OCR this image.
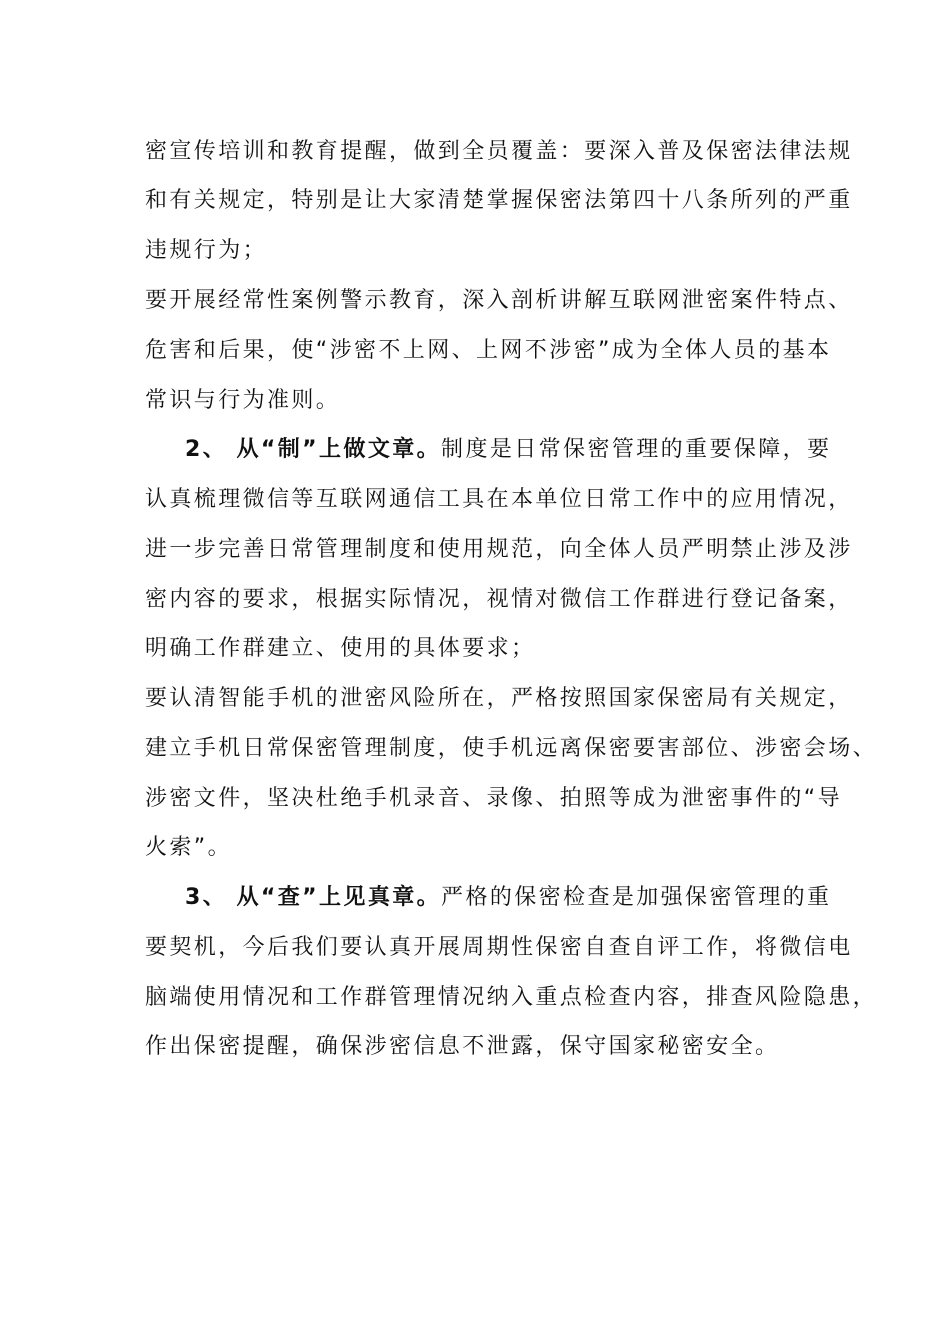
密宣传培训和教育提醒，做到全员覆盖：要深入普及保密法律法规

和有关规定，特别是让大家清楚掌握保密法第四十八条所列的严重

违规行为；

要开展经常性案例警示教育，深入剖析讲解互联网泄密案件特点、

危害和后果，使“涉密不上网、上网不涉密”成为全体人员的基本

常识与行为准则。

2、 从“制”上做文章。制度是日常保密管理的重要保障，要

认真梳理微信等互联网通信工具在本单位日常工作中的应用情况，

进一步完善日常管理制度和使用规范，向全体人员严明禁止涉及涉

密内容的要求，根据实际情况，视情对微信工作群进行登记备案，

明确工作群建立、使用的具体要求；

要认清智能手机的泄密风险所在，严格按照国家保密局有关规定，

建立手机日常保密管理制度，使手机远离保密要害部位、涉密会场、

涉密文件，坚决杜绝手机录音、录像、拍照等成为泄密事件的“导

火索”。

3、 从“查”上见真章。严格的保密检查是加强保密管理的重

要契机，今后我们要认真开展周期性保密自查自评工作，将微信电

脑端使用情况和工作群管理情况纳入重点检查内容，排查风险隐患，

作出保密提醒，确保涉密信息不泄露，保守国家秘密安全。
